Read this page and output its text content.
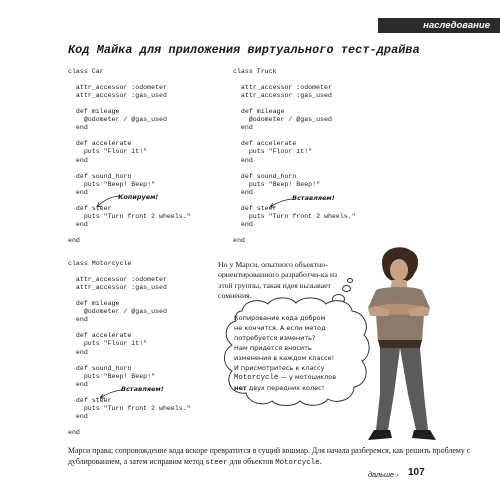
наследование
Код Майка для приложения виртуального тест-драйва
class Car

attr_accessor :odometer
attr_accessor :gas_used

def mileage
@odometer / @gas_used
end

def accelerate
puts "Floor it!"
end

def sound_horn
puts "Beep! Beep!"
end

def steer
puts "Turn front 2 wheels."
end

end
class Truck

attr_accessor :odometer
attr_accessor :gas_used

def mileage
@odometer / @gas_used
end

def accelerate
puts "Floor it!"
end

def sound_horn
puts "Beep! Beep!"
end

def steer
puts "Turn front 2 wheels."
end

end
class Motorcycle

attr_accessor :odometer
attr_accessor :gas_used

def mileage
@odometer / @gas_used
end

def accelerate
puts "Floor it!"
end

def sound_horn
puts "Beep! Beep!"
end

def steer
puts "Turn front 2 wheels."
end

end
Копируем!	Вставляем!
Вставляем!
Но у Марси, опытного объектно-ориентированного разработчи-ка из этой группы, такая идея вызывает сомнения.
Копирование кода добром
не кончится. А если метод
потребуется изменить?
Нам придется вносить
изменения в каждом классе!
И присмотритесь к классу
Motorcycle — у мотоциклов
нет двух передних колес!
Марси права; сопровождение кода вскоре превратится в сущий кошмар. Для начала разберемся, как решить проблему с дублированием, а затем исправим метод steer для объектов Motorcycle.
дальше › 107
